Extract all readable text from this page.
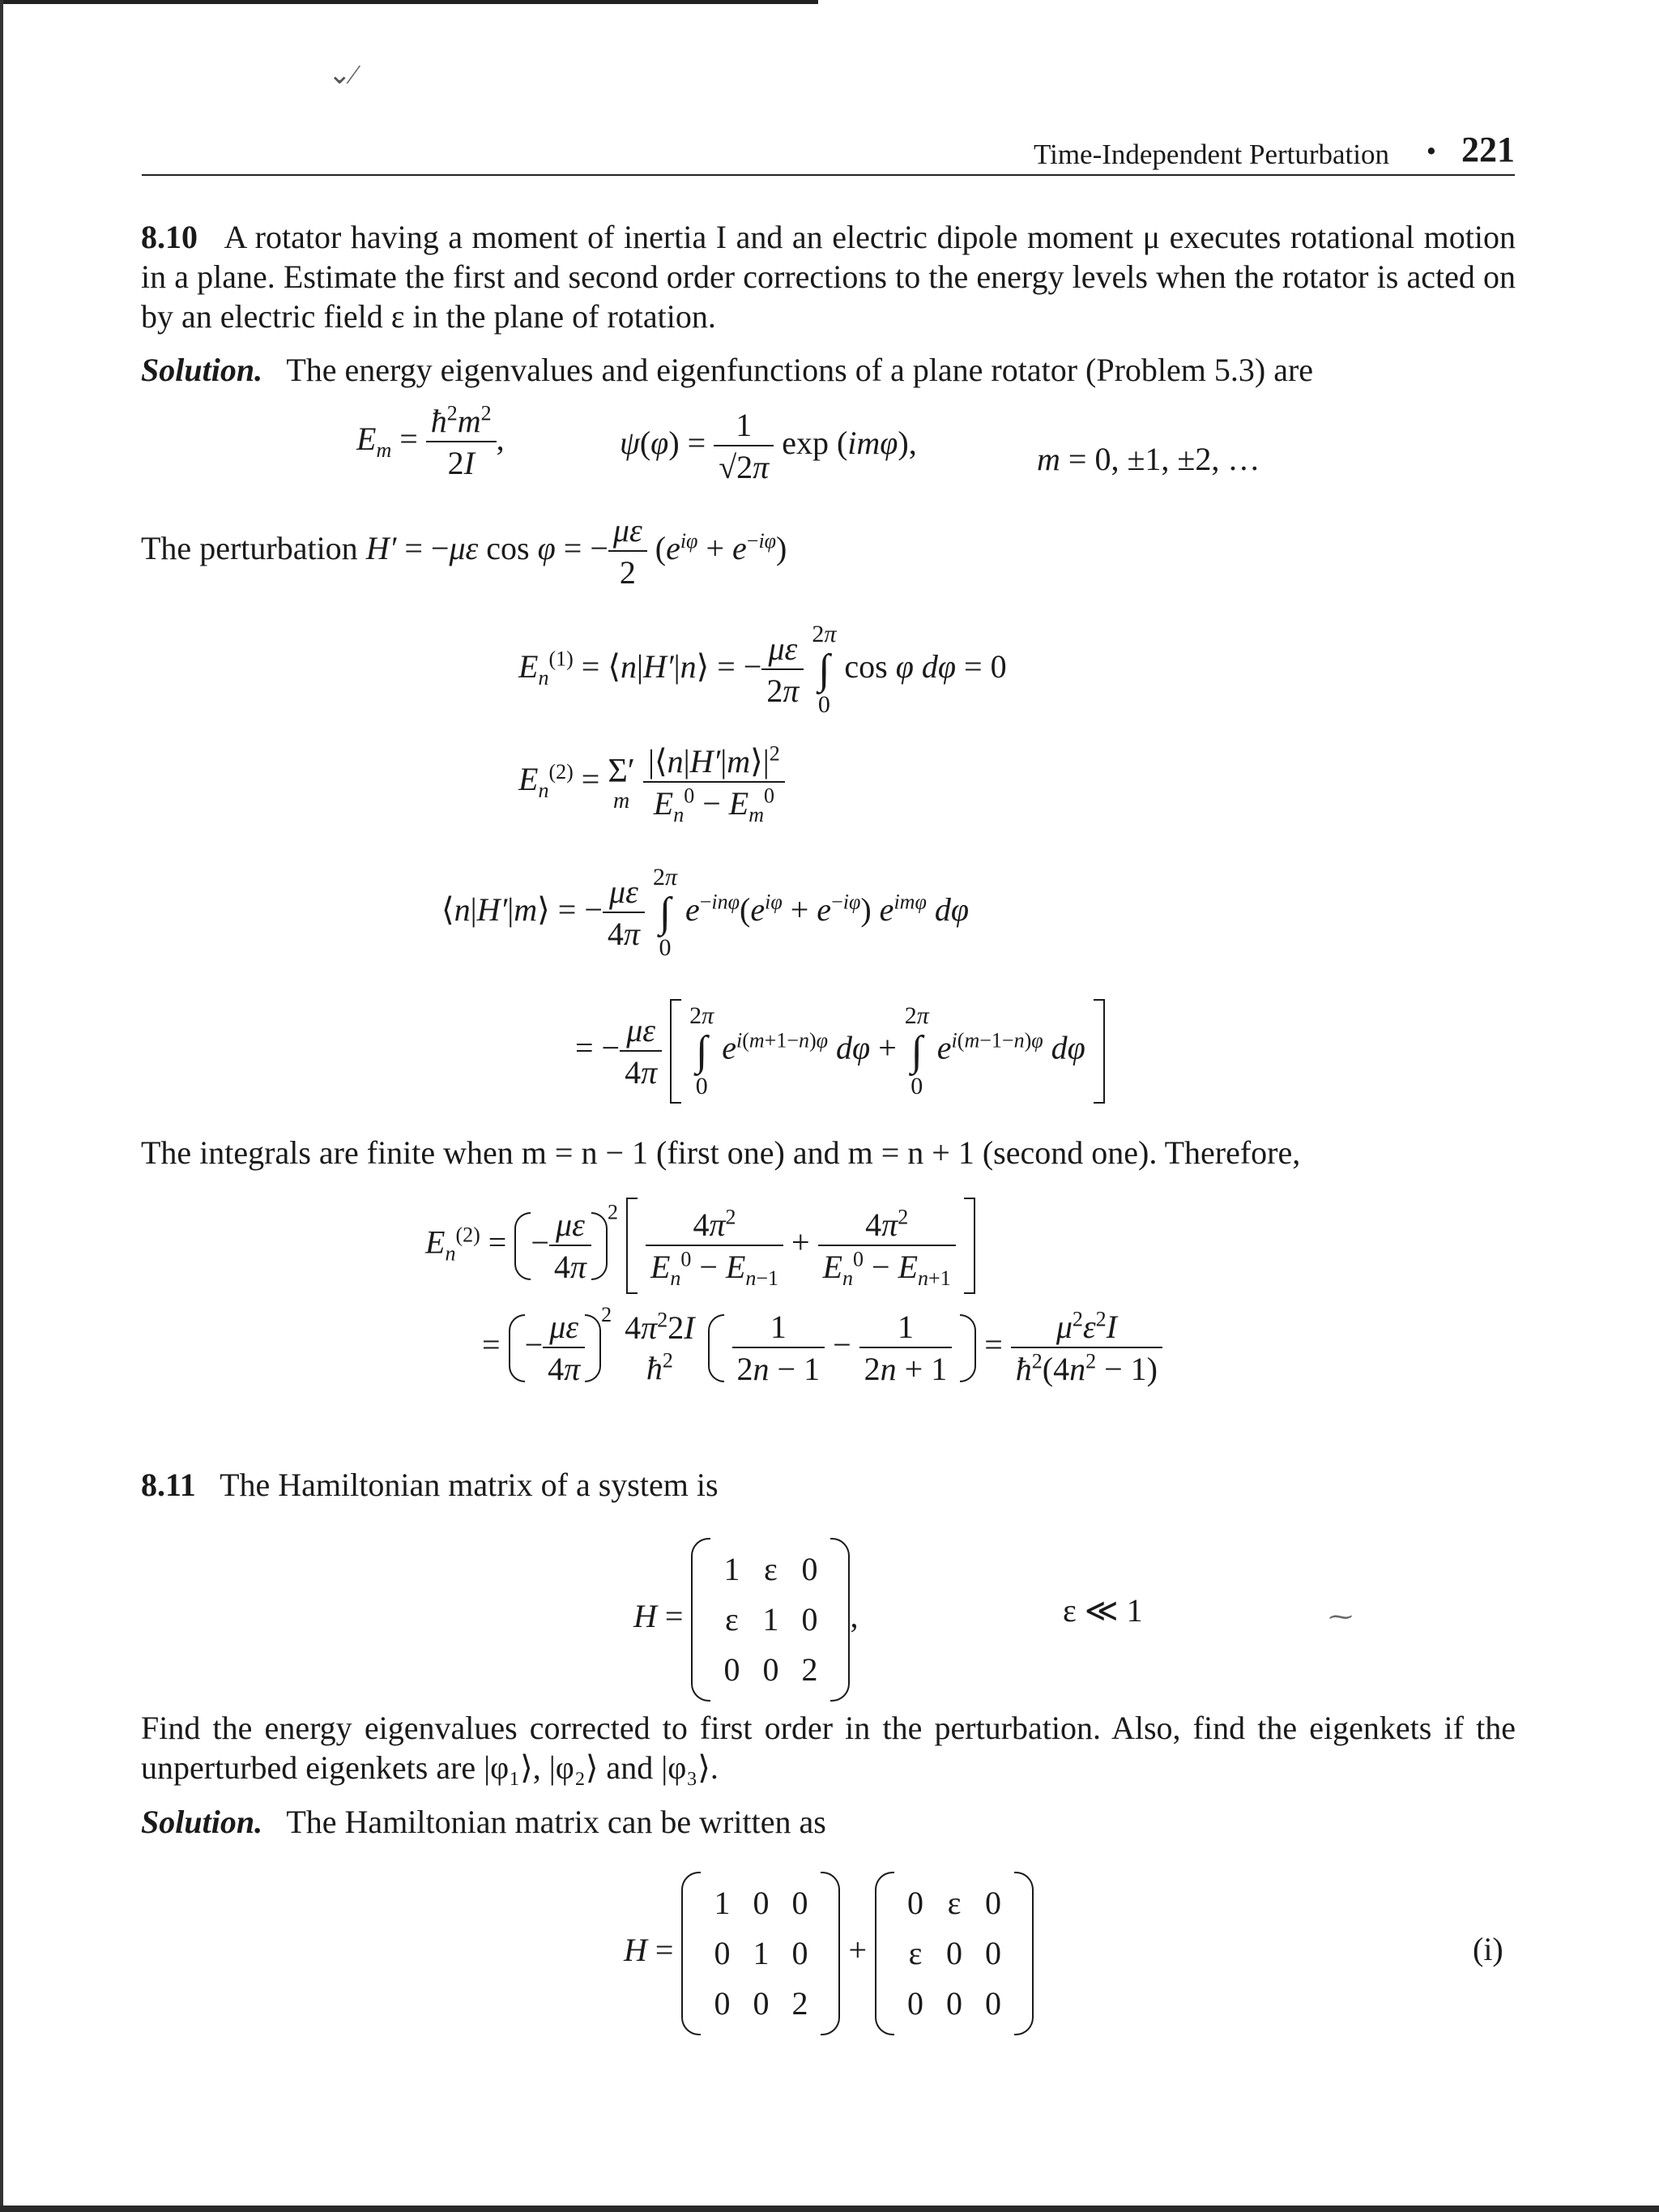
⌄⁄
⁓
Time-Independent Perturbation • 221
8.10 A rotator having a moment of inertia I and an electric dipole moment μ executes rotational motion in a plane. Estimate the first and second order corrections to the energy levels when the rotator is acted on by an electric field ε in the plane of rotation.
Solution. The energy eigenvalues and eigenfunctions of a plane rotator (Problem 5.3) are
$E_m = \frac{ħ^2m^2}{2I}$ ,	$\psi(\varphi) = \frac{1}{√2\pi}$ exp (imφ),	m = 0, ±1, ±2, …
The perturbation H′ = −με cos φ = − $\frac{\mu\varepsilon}{2} (e^{i\varphi} + e^{-i\varphi})$
$E_n^{(1)}$ = ⟨n|H′|n⟩ = − $\frac{\mu\varepsilon}{2\pi}$
2π
∫
0
cos φ dφ = 0
$E_n^{(2)} = \Sigma'$
m
$\frac{|⟨n|H'|m⟩|^2}{E_n^0 - E_m^0}$
⟨n|H′|m⟩ = − $\frac{\mu\varepsilon}{4\pi}$
2π
∫
0
$e^{-in\varphi}(e^{i\varphi} + e^{-i\varphi})$ $e^{im\varphi}$ dφ
= − $\frac{\mu\varepsilon}{4\pi}$
2π
∫
0
$e^{i(m+1-n)\varphi}$ dφ +
2π
∫
0
$e^{i(m-1-n)\varphi}$ dφ
The integrals are finite when m = n − 1 (first one) and m = n + 1 (second one). Therefore,
$E_n^{(2)}$ = − $\frac{\mu\varepsilon}{4\pi} ^2 \frac{4\pi^2}{E_n^0 - E_{n-1}} + \frac{4\pi^2}{E_n^0 - E_{n+1}}$

= − $\frac{\mu\varepsilon}{4\pi} ^2$ $4\pi^22I$
$ħ^2$
	$\frac{1}{2n - 1} - \frac{1}{2n + 1} = \frac{\mu^2\varepsilon^2I}{ħ^2(4n^2 - 1)}$
8.11 The Hamiltonian matrix of a system is
H =
1 ε 0
ε 1 0
0 0 2
,	ε ≪ 1
Find the energy eigenvalues corrected to first order in the perturbation. Also, find the eigenkets if the unperturbed eigenkets are |φ₁⟩, |φ₂⟩ and |φ₃⟩.
Solution. The Hamiltonian matrix can be written as
H =
1 0 0
0 1 0
0 0 2
+
0 ε 0
ε 0 0
0 0 0
(i)
